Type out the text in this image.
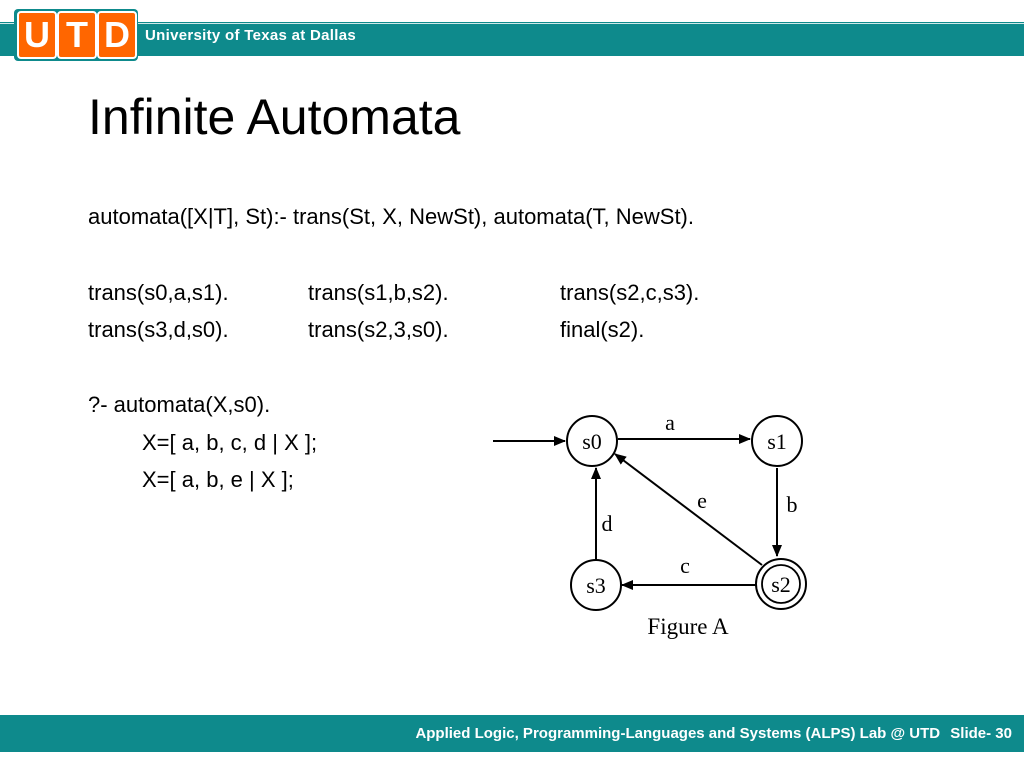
U T D	University of Texas at Dallas
Infinite Automata
automata([X|T], St):- trans(St, X, NewSt), automata(T, NewSt).
trans(s0,a,s1).	trans(s1,b,s2).	trans(s2,c,s3).
trans(s3,d,s0).	trans(s2,3,s0).	final(s2).
?- automata(X,s0).
X=[ a, b, c, d | X ];
X=[ a, b, e | X ];
s0	s1
s2
s3
a
b
c
d
e
Figure A
Applied Logic, Programming-Languages and Systems (ALPS) Lab @ UTD Slide- 30
